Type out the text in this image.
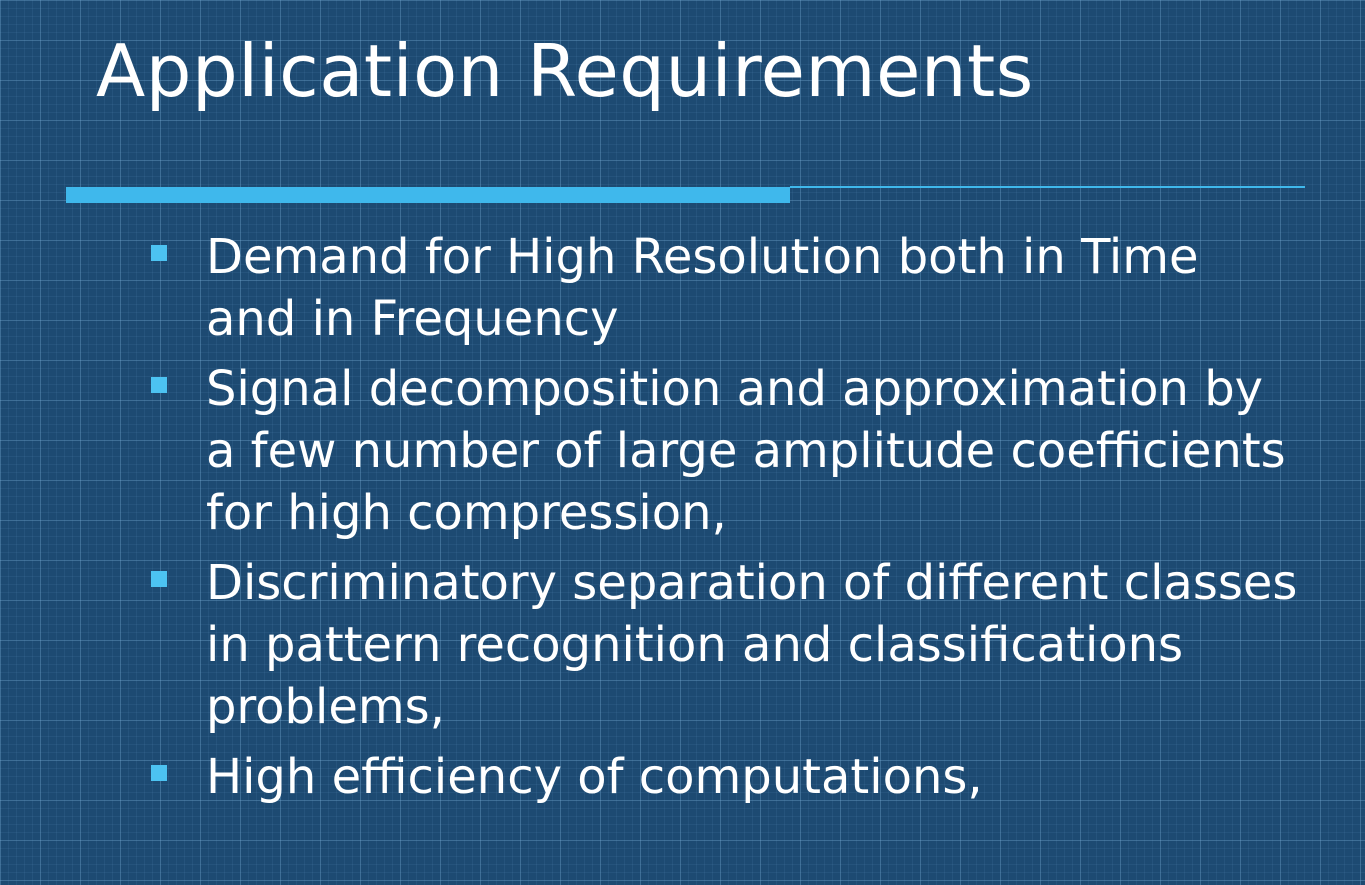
Application Requirements
Demand for High Resolution both in Time and in Frequency
Signal decomposition and approximation by a few number of large amplitude coefficients for high compression,
Discriminatory separation of different classes in pattern recognition and classifications problems,
High efficiency of computations,
